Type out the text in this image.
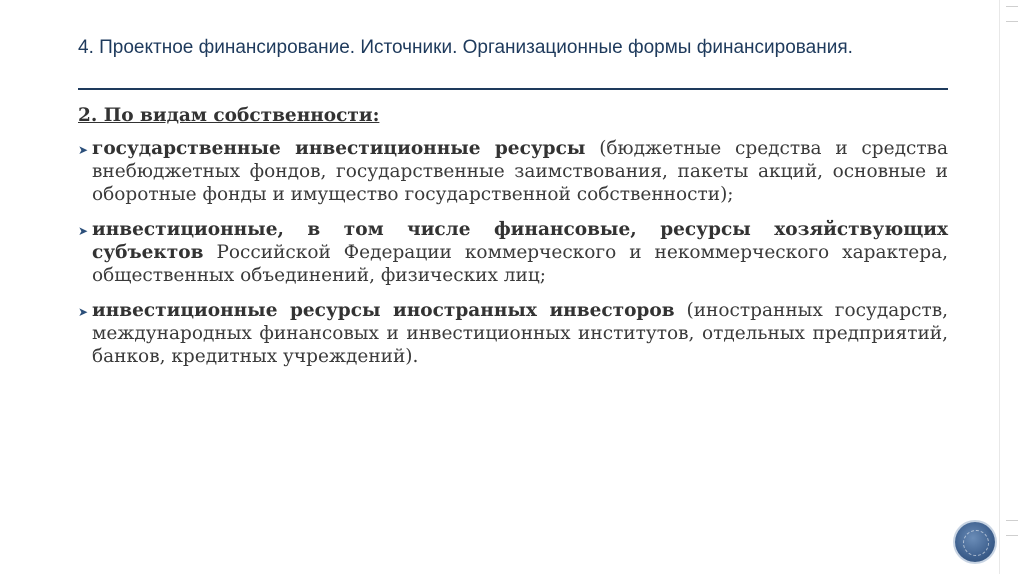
4. Проектное финансирование. Источники. Организационные формы финансирования.
2. По видам собственности:
➤ государственные инвестиционные ресурсы (бюджетные средства и средства внебюджетных фондов, государственные заимствования, пакеты акций, основные и оборотные фонды и имущество государственной собственности);
➤ инвестиционные, в том числе финансовые, ресурсы хозяйствующих субъектов Российской Федерации коммерческого и некоммерческого характера, общественных объединений, физических лиц;
➤ инвестиционные ресурсы иностранных инвесторов (иностранных государств, международных финансовых и инвестиционных институтов, отдельных предприятий, банков, кредитных учреждений).
